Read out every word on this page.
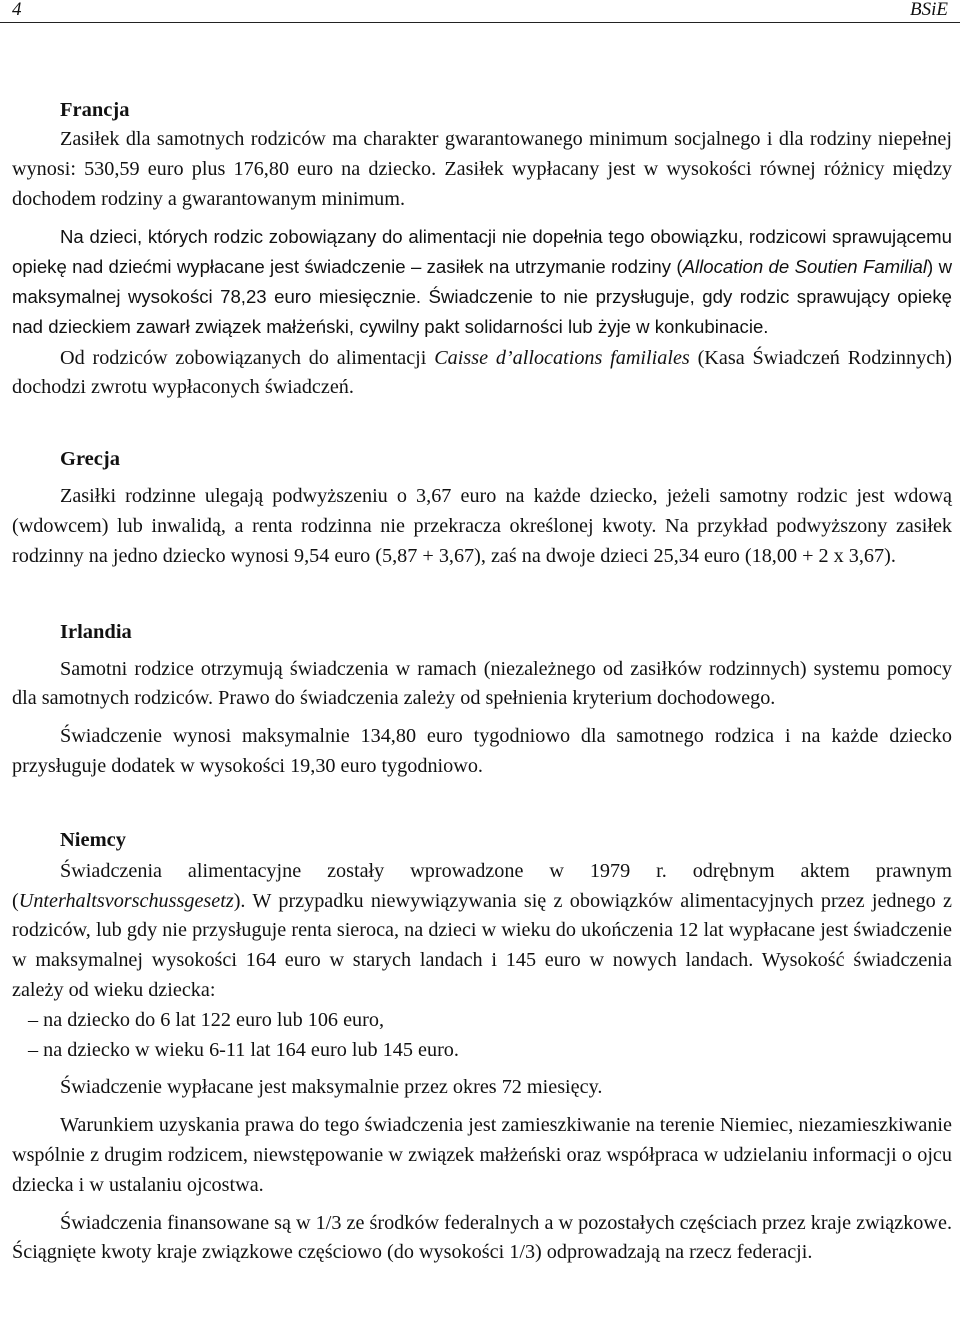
4	BSiE
Francja

Zasiłek dla samotnych rodziców ma charakter gwarantowanego minimum socjalnego i dla rodziny niepełnej wynosi: 530,59 euro plus 176,80 euro na dziecko. Zasiłek wypłacany jest w wysokości równej różnicy między dochodem rodziny a gwarantowanym minimum.

Na dzieci, których rodzic zobowiązany do alimentacji nie dopełnia tego obowiązku, rodzicowi sprawującemu opiekę nad dziećmi wypłacane jest świadczenie – zasiłek na utrzymanie rodziny (Allocation de Soutien Familial) w maksymalnej wysokości 78,23 euro miesięcznie. Świadczenie to nie przysługuje, gdy rodzic sprawujący opiekę nad dzieckiem zawarł związek małżeński, cywilny pakt solidarności lub żyje w konkubinacie.

Od rodziców zobowiązanych do alimentacji Caisse d’allocations familiales (Kasa Świadczeń Rodzinnych) dochodzi zwrotu wypłaconych świadczeń.

Grecja

Zasiłki rodzinne ulegają podwyższeniu o 3,67 euro na każde dziecko, jeżeli samotny rodzic jest wdową (wdowcem) lub inwalidą, a renta rodzinna nie przekracza określonej kwoty. Na przykład podwyższony zasiłek rodzinny na jedno dziecko wynosi 9,54 euro (5,87 + 3,67), zaś na dwoje dzieci 25,34 euro (18,00 + 2 x 3,67).

Irlandia

Samotni rodzice otrzymują świadczenia w ramach (niezależnego od zasiłków rodzinnych) systemu pomocy dla samotnych rodziców. Prawo do świadczenia zależy od spełnienia kryterium dochodowego.

Świadczenie wynosi maksymalnie 134,80 euro tygodniowo dla samotnego rodzica i na każde dziecko przysługuje dodatek w wysokości 19,30 euro tygodniowo.

Niemcy

Świadczenia alimentacyjne zostały wprowadzone w 1979 r. odrębnym aktem prawnym (Unterhaltsvorschussgesetz). W przypadku niewywiązywania się z obowiązków alimentacyjnych przez jednego z rodziców, lub gdy nie przysługuje renta sieroca, na dzieci w wieku do ukończenia 12 lat wypłacane jest świadczenie w maksymalnej wysokości 164 euro w starych landach i 145 euro w nowych landach. Wysokość świadczenia zależy od wieku dziecka:

– na dziecko do 6 lat 122 euro lub 106 euro,

– na dziecko w wieku 6-11 lat 164 euro lub 145 euro.

Świadczenie wypłacane jest maksymalnie przez okres 72 miesięcy.

Warunkiem uzyskania prawa do tego świadczenia jest zamieszkiwanie na terenie Niemiec, niezamieszkiwanie wspólnie z drugim rodzicem, niewstępowanie w związek małżeński oraz współpraca w udzielaniu informacji o ojcu dziecka i w ustalaniu ojcostwa.

Świadczenia finansowane są w 1/3 ze środków federalnych a w pozostałych częściach przez kraje związkowe. Ściągnięte kwoty kraje związkowe częściowo (do wysokości 1/3) odprowadzają na rzecz federacji.
